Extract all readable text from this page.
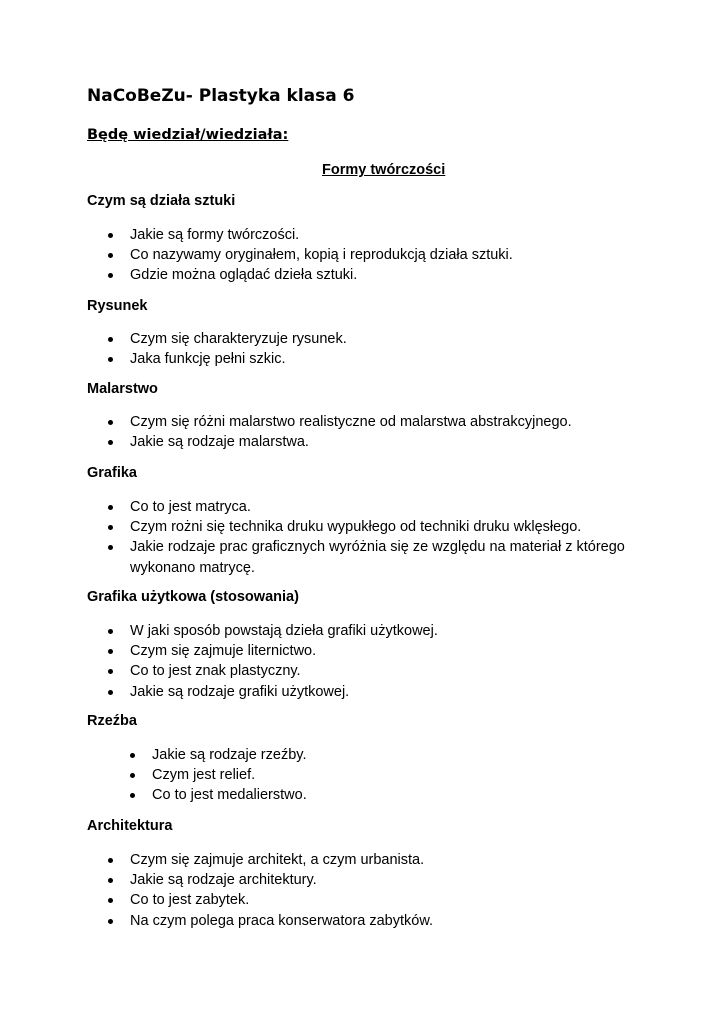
NaCoBeZu- Plastyka klasa 6
Będę wiedział/wiedziała:
Formy twórczości
Czym są działa sztuki
Jakie są formy twórczości.
Co nazywamy oryginałem, kopią i reprodukcją działa sztuki.
Gdzie można oglądać dzieła sztuki.
Rysunek
Czym się charakteryzuje rysunek.
Jaka funkcję pełni szkic.
Malarstwo
Czym się różni malarstwo realistyczne od malarstwa abstrakcyjnego.
Jakie są rodzaje malarstwa.
Grafika
Co to jest matryca.
Czym rożni się technika druku wypukłego od techniki druku wklęsłego.
Jakie rodzaje prac graficznych wyróżnia się ze względu na materiał z którego wykonano matrycę.
Grafika użytkowa (stosowania)
W jaki sposób powstają dzieła grafiki użytkowej.
Czym się zajmuje liternictwo.
Co to jest znak plastyczny.
Jakie są rodzaje grafiki użytkowej.
Rzeźba
Jakie są rodzaje rzeźby.
Czym jest relief.
Co to jest medalierstwo.
Architektura
Czym się zajmuje architekt, a czym urbanista.
Jakie są rodzaje architektury.
Co to jest zabytek.
Na czym polega praca konserwatora zabytków.
